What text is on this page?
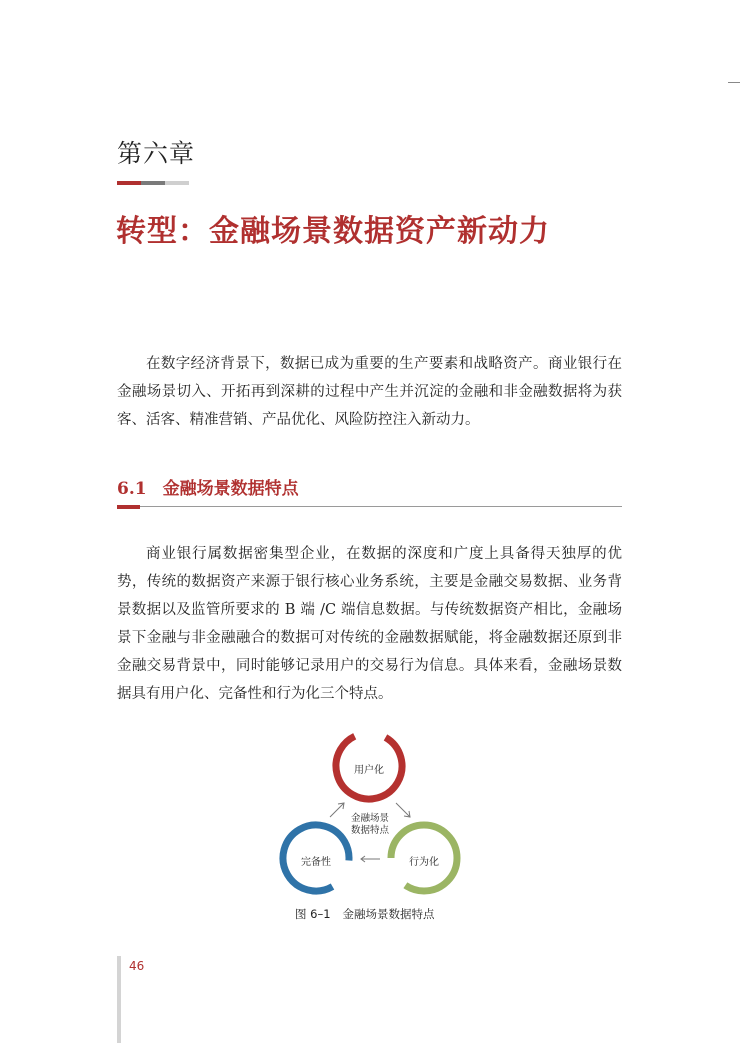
第六章
转型：金融场景数据资产新动力

在数字经济背景下，数据已成为重要的生产要素和战略资产。商业银行在金融场景切入、开拓再到深耕的过程中产生并沉淀的金融和非金融数据将为获客、活客、精准营销、产品优化、风险防控注入新动力。

6.1 金融场景数据特点

商业银行属数据密集型企业，在数据的深度和广度上具备得天独厚的优势，传统的数据资产来源于银行核心业务系统，主要是金融交易数据、业务背景数据以及监管所要求的 B 端 /C 端信息数据。与传统数据资产相比，金融场景下金融与非金融融合的数据可对传统的金融数据赋能，将金融数据还原到非金融交易背景中，同时能够记录用户的交易行为信息。具体来看，金融场景数据具有用户化、完备性和行为化三个特点。

用户化
完备性	行为化
金融场景
数据特点
图 6–1 金融场景数据特点
46
